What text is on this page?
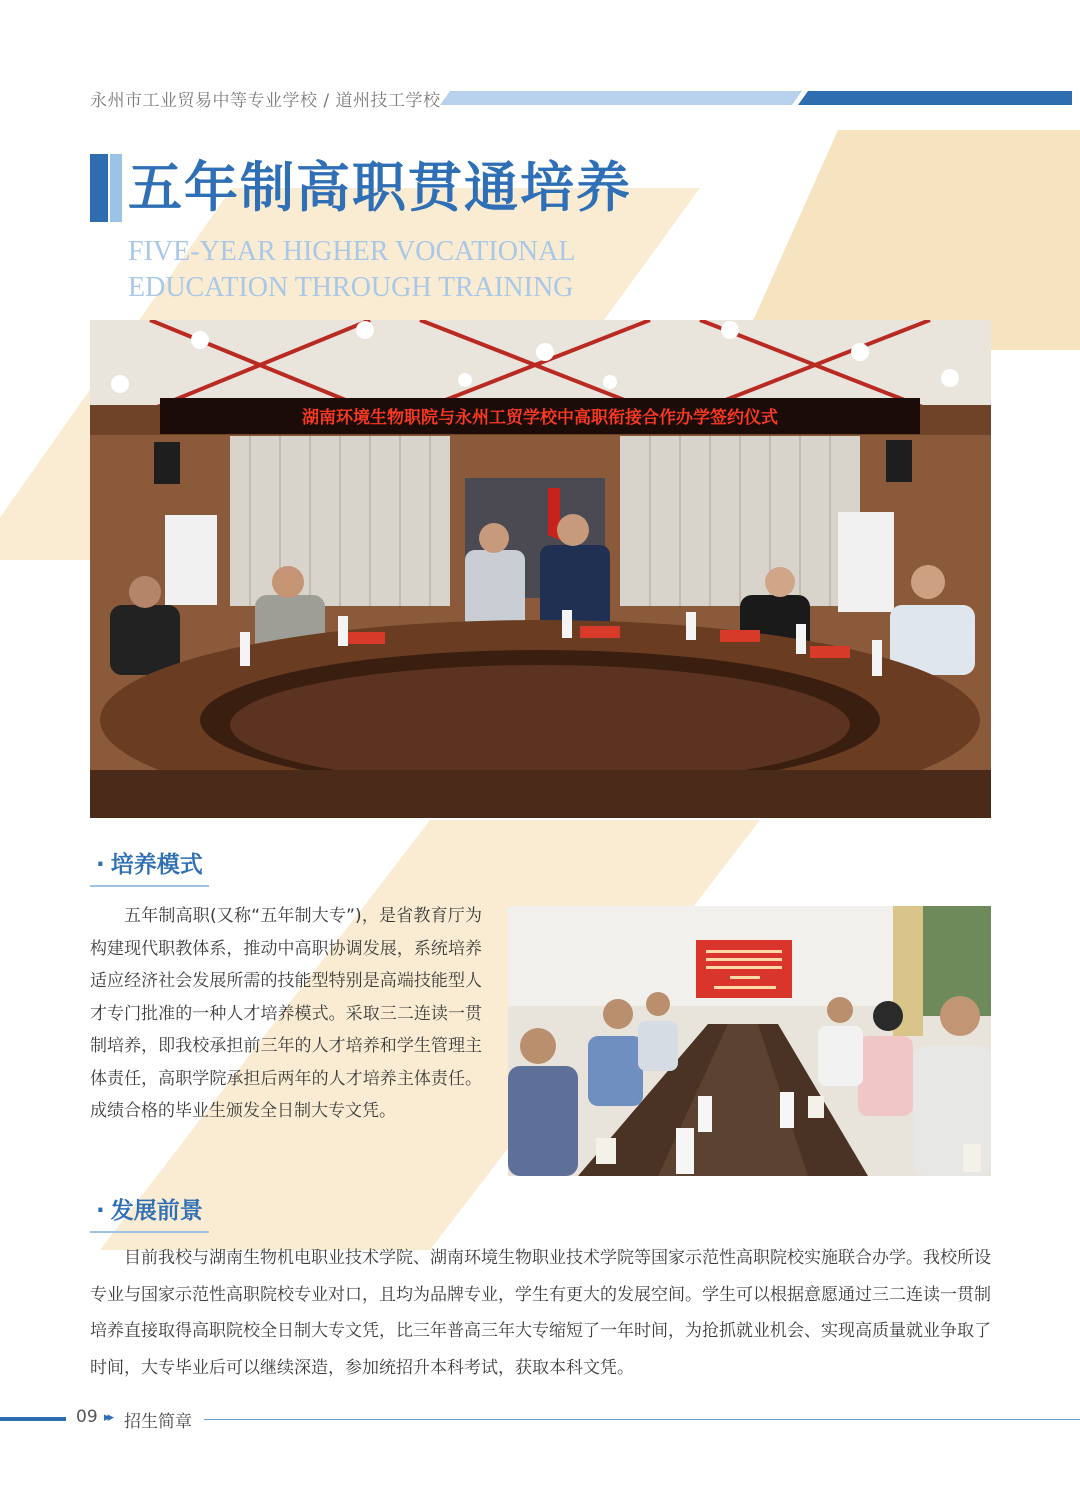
永州市工业贸易中等专业学校 / 道州技工学校
五年制高职贯通培养
FIVE-YEAR HIGHER VOCATIONAL
EDUCATION THROUGH TRAINING
湖南环境生物职院与永州工贸学校中高职衔接合作办学签约仪式
· 培养模式
五年制高职(又称“五年制大专”)，是省教育厅为构建现代职教体系，推动中高职协调发展，系统培养适应经济社会发展所需的技能型特别是高端技能型人才专门批准的一种人才培养模式。采取三二连读一贯制培养，即我校承担前三年的人才培养和学生管理主体责任，高职学院承担后两年的人才培养主体责任。成绩合格的毕业生颁发全日制大专文凭。
· 发展前景
目前我校与湖南生物机电职业技术学院、湖南环境生物职业技术学院等国家示范性高职院校实施联合办学。我校所设专业与国家示范性高职院校专业对口，且均为品牌专业，学生有更大的发展空间。学生可以根据意愿通过三二连读一贯制培养直接取得高职院校全日制大专文凭，比三年普高三年大专缩短了一年时间，为抢抓就业机会、实现高质量就业争取了时间，大专毕业后可以继续深造，参加统招升本科考试，获取本科文凭。
09 ▸▸ 招生简章
